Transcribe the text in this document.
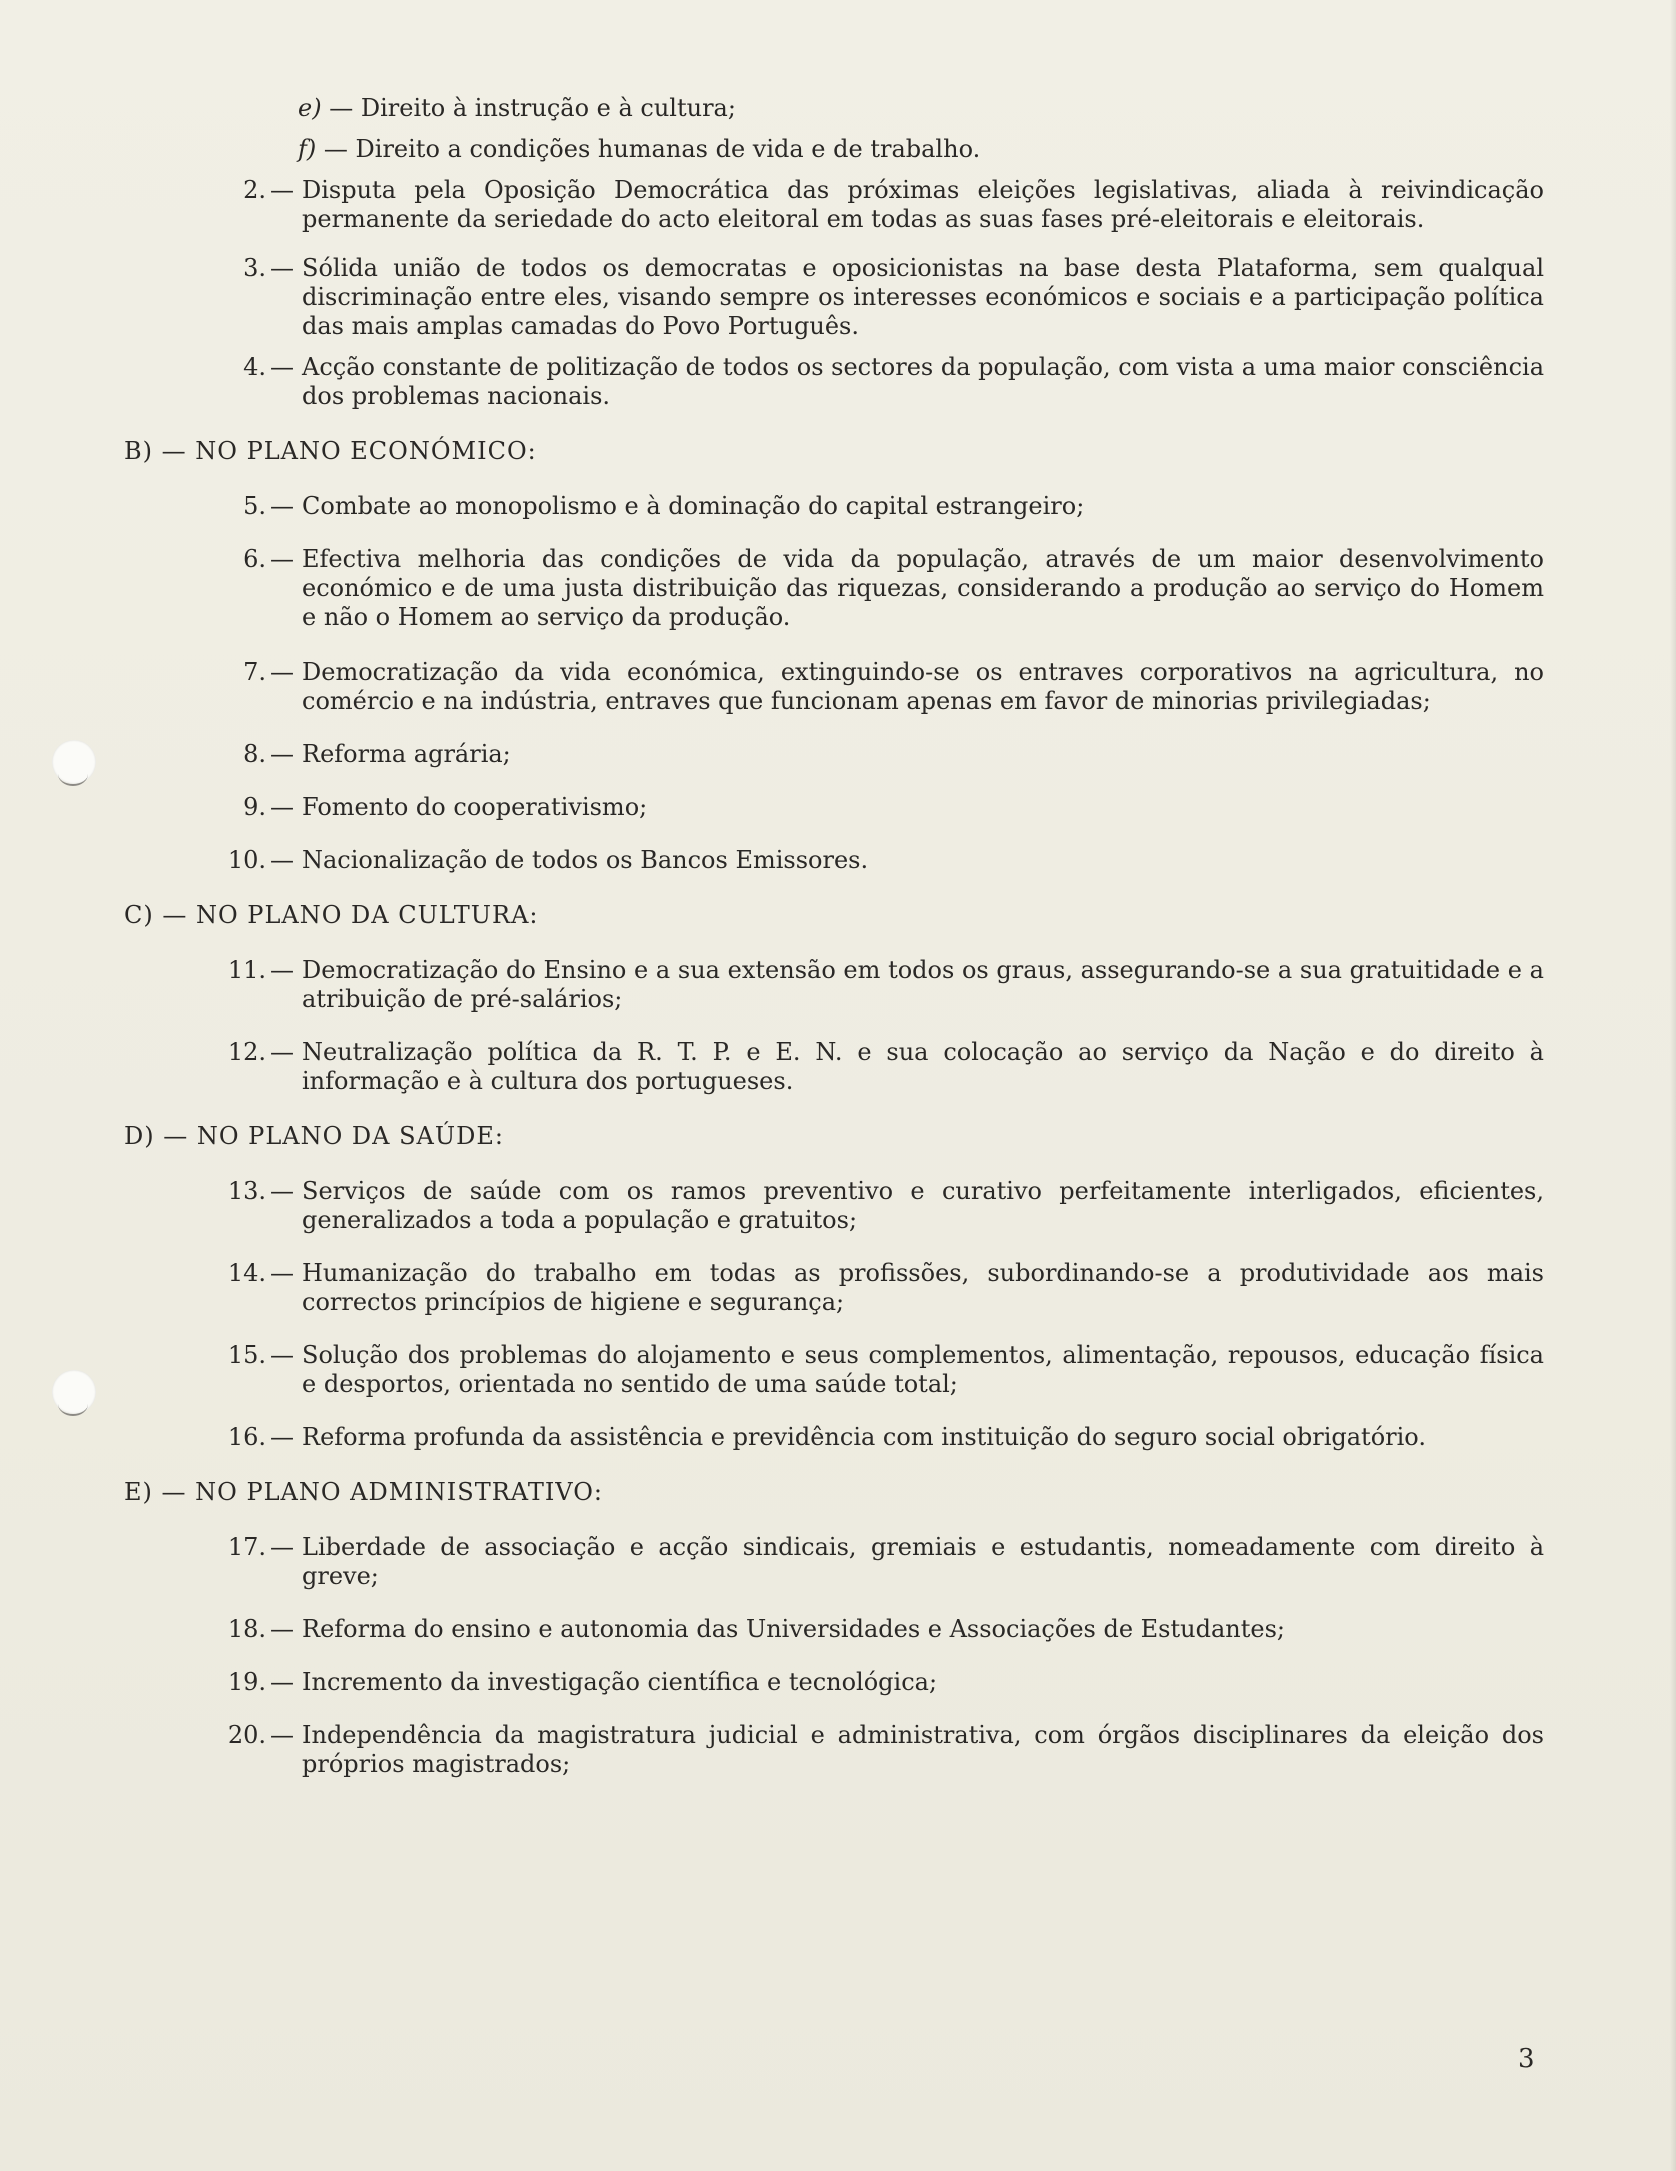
e) — Direito à instrução e à cultura;
f) — Direito a condições humanas de vida e de trabalho.
2. — Disputa pela Oposição Democrática das próximas eleições legislativas, aliada à reivindicação permanente da seriedade do acto eleitoral em todas as suas fases pré-eleitorais e eleitorais.
3. — Sólida união de todos os democratas e oposicionistas na base desta Plataforma, sem qualqual discriminação entre eles, visando sempre os interesses económicos e sociais e a participação política das mais amplas camadas do Povo Português.
4. — Acção constante de politização de todos os sectores da população, com vista a uma maior consciência dos problemas nacionais.
B) — NO PLANO ECONÓMICO:
5. — Combate ao monopolismo e à dominação do capital estrangeiro;
6. — Efectiva melhoria das condições de vida da população, através de um maior desenvolvimento económico e de uma justa distribuição das riquezas, considerando a produção ao serviço do Homem e não o Homem ao serviço da produção.
7. — Democratização da vida económica, extinguindo-se os entraves corporativos na agricultura, no comércio e na indústria, entraves que funcionam apenas em favor de minorias privilegiadas;
8. — Reforma agrária;
9. — Fomento do cooperativismo;
10. — Nacionalização de todos os Bancos Emissores.
C) — NO PLANO DA CULTURA:
11. — Democratização do Ensino e a sua extensão em todos os graus, assegurando-se a sua gratuitidade e a atribuição de pré-salários;
12. — Neutralização política da R. T. P. e E. N. e sua colocação ao serviço da Nação e do direito à informação e à cultura dos portugueses.
D) — NO PLANO DA SAÚDE:
13. — Serviços de saúde com os ramos preventivo e curativo perfeitamente interligados, eficientes, generalizados a toda a população e gratuitos;
14. — Humanização do trabalho em todas as profissões, subordinando-se a produtividade aos mais correctos princípios de higiene e segurança;
15. — Solução dos problemas do alojamento e seus complementos, alimentação, repousos, educação física e desportos, orientada no sentido de uma saúde total;
16. — Reforma profunda da assistência e previdência com instituição do seguro social obrigatório.
E) — NO PLANO ADMINISTRATIVO:
17. — Liberdade de associação e acção sindicais, gremiais e estudantis, nomeadamente com direito à greve;
18. — Reforma do ensino e autonomia das Universidades e Associações de Estudantes;
19. — Incremento da investigação científica e tecnológica;
20. — Independência da magistratura judicial e administrativa, com órgãos disciplinares da eleição dos próprios magistrados;
3
